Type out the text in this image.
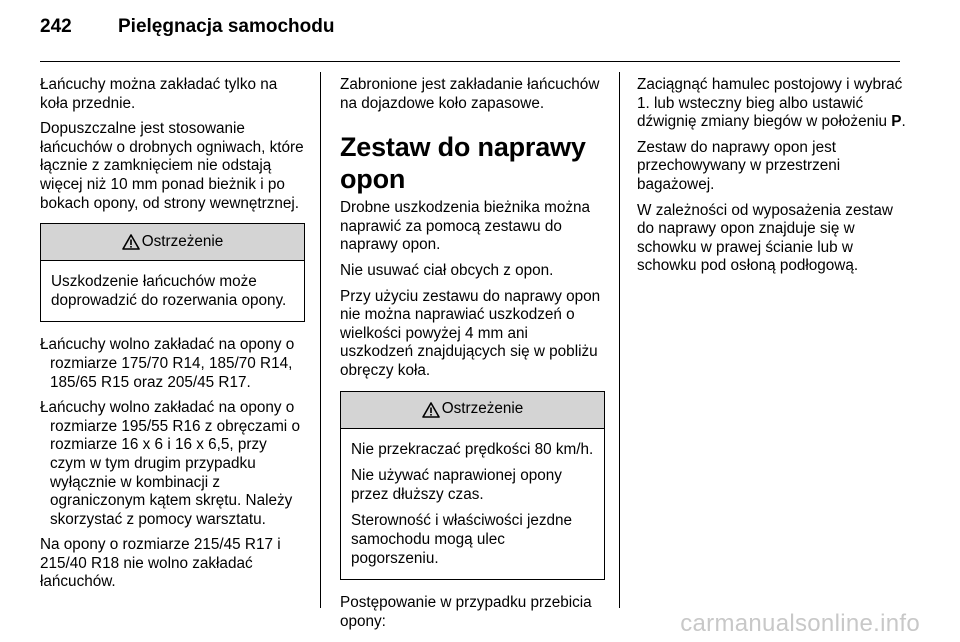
242	Pielęgnacja samochodu

Łańcuchy można zakładać tylko na koła przednie.

Dopuszczalne jest stosowanie łańcuchów o drobnych ogniwach, które łącznie z zamknięciem nie odstają więcej niż 10 mm ponad bieżnik i po bokach opony, od strony wewnętrznej.

Ostrzeżenie

Uszkodzenie łańcuchów może doprowadzić do rozerwania opony.

Łańcuchy wolno zakładać na opony o rozmiarze 175/70 R14, 185/70 R14, 185/65 R15 oraz 205/45 R17.

Łańcuchy wolno zakładać na opony o rozmiarze 195/55 R16 z obręczami o rozmiarze 16 x 6 i 16 x 6,5, przy czym w tym drugim przypadku wyłącznie w kombinacji z ograniczonym kątem skrętu. Należy skorzystać z pomocy warsztatu.

Na opony o rozmiarze 215/45 R17 i 215/40 R18 nie wolno zakładać łańcuchów.

Zabronione jest zakładanie łańcuchów na dojazdowe koło zapasowe.

Zestaw do naprawy opon

Drobne uszkodzenia bieżnika można naprawić za pomocą zestawu do naprawy opon.

Nie usuwać ciał obcych z opon.

Przy użyciu zestawu do naprawy opon nie można naprawiać uszkodzeń o wielkości powyżej 4 mm ani uszkodzeń znajdujących się w pobliżu obręczy koła.

Ostrzeżenie

Nie przekraczać prędkości 80 km/h.

Nie używać naprawionej opony przez dłuższy czas.

Sterowność i właściwości jezdne samochodu mogą ulec pogorszeniu.

Postępowanie w przypadku przebicia opony:

Zaciągnąć hamulec postojowy i wybrać 1. lub wsteczny bieg albo ustawić dźwignię zmiany biegów w położeniu P.

Zestaw do naprawy opon jest przechowywany w przestrzeni bagażowej.

W zależności od wyposażenia zestaw do naprawy opon znajduje się w schowku w prawej ścianie lub w schowku pod osłoną podłogową.

carmanualsonline.info
